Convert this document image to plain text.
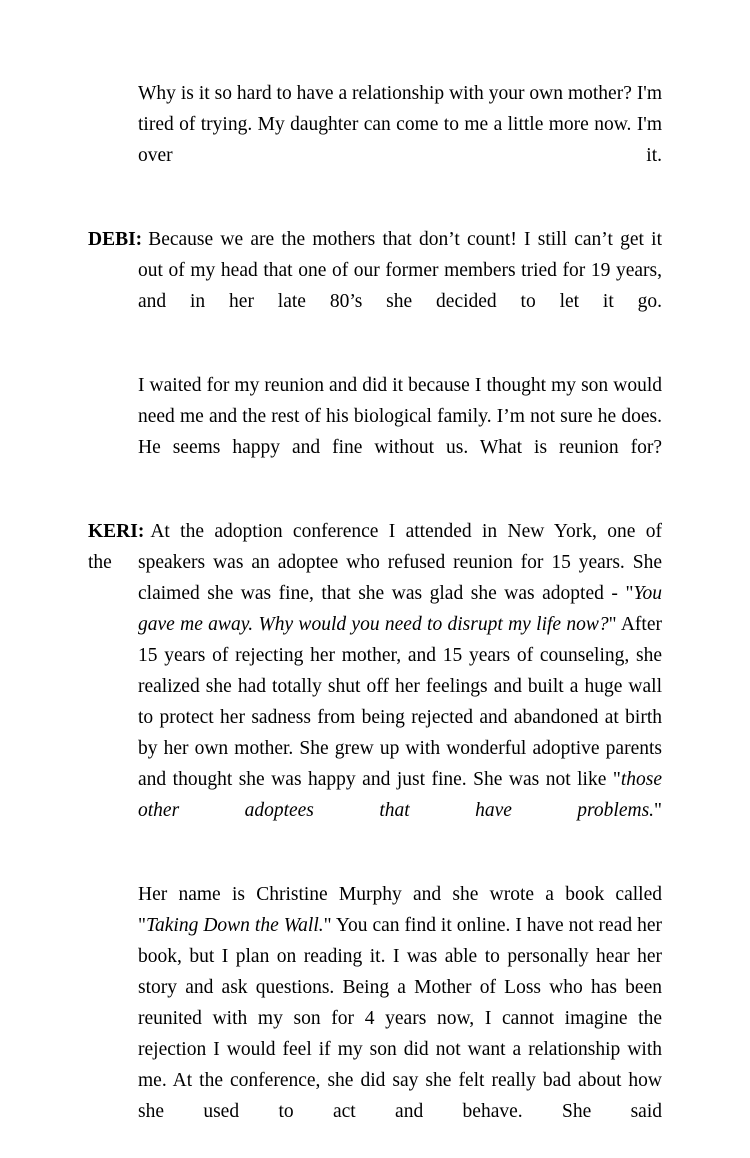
Why is it so hard to have a relationship with your own mother? I'm tired of trying. My daughter can come to me a little more now. I'm over it.

DEBI: Because we are the mothers that don’t count! I still can’t get it out of my head that one of our former members tried for 19 years, and in her late 80’s she decided to let it go.

I waited for my reunion and did it because I thought my son would need me and the rest of his biological family. I’m not sure he does. He seems happy and fine without us. What is reunion for?

the
KERI: At the adoption conference I attended in New York, one of speakers was an adoptee who refused reunion for 15 years. She claimed she was fine, that she was glad she was adopted - "You gave me away. Why would you need to disrupt my life now?" After 15 years of rejecting her mother, and 15 years of counseling, she realized she had totally shut off her feelings and built a huge wall to protect her sadness from being rejected and abandoned at birth by her own mother. She grew up with wonderful adoptive parents and thought she was happy and just fine. She was not like "those other adoptees that have problems."

Her name is Christine Murphy and she wrote a book called "Taking Down the Wall." You can find it online. I have not read her book, but I plan on reading it. I was able to personally hear her story and ask questions. Being a Mother of Loss who has been reunited with my son for 4 years now, I cannot imagine the rejection I would feel if my son did not want a relationship with me. At the conference, she did say she felt really bad about how she used to act and behave. She said
